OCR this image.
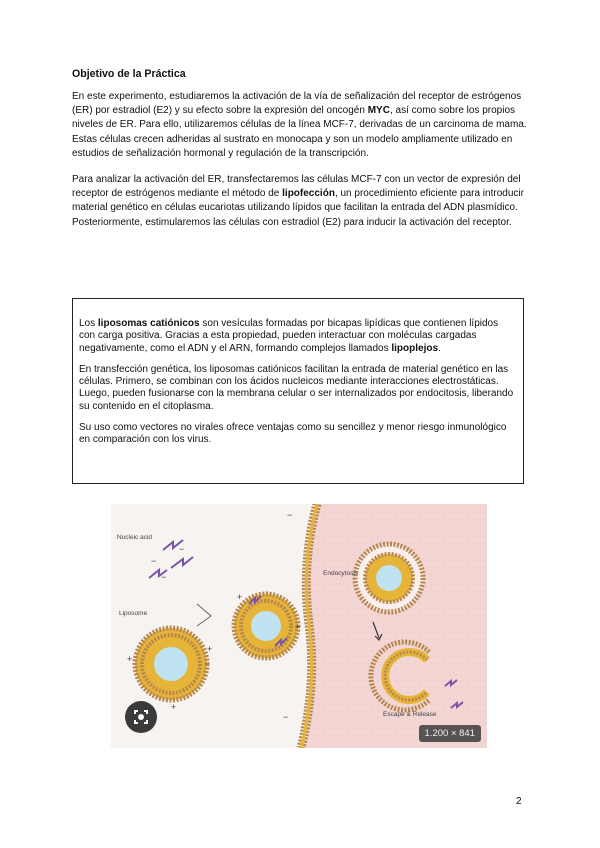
Objetivo de la Práctica

En este experimento, estudiaremos la activación de la vía de señalización del receptor de estrógenos (ER) por estradiol (E2) y su efecto sobre la expresión del oncogén MYC, así como sobre los propios niveles de ER. Para ello, utilizaremos células de la línea MCF-7, derivadas de un carcinoma de mama. Estas células crecen adheridas al sustrato en monocapa y son un modelo ampliamente utilizado en estudios de señalización hormonal y regulación de la transcripción.

Para analizar la activación del ER, transfectaremos las células MCF-7 con un vector de expresión del receptor de estrógenos mediante el método de lipofección, un procedimiento eficiente para introducir material genético en células eucariotas utilizando lípidos que facilitan la entrada del ADN plasmídico. Posteriormente, estimularemos las células con estradiol (E2) para inducir la activación del receptor.

Los liposomas catiónicos son vesículas formadas por bicapas lipídicas que contienen lípidos con carga positiva. Gracias a esta propiedad, pueden interactuar con moléculas cargadas negativamente, como el ADN y el ARN, formando complejos llamados lipoplejos.

En transfección genética, los liposomas catiónicos facilitan la entrada de material genético en las células. Primero, se combinan con los ácidos nucleicos mediante interacciones electrostáticas. Luego, pueden fusionarse con la membrana celular o ser internalizados por endocitosis, liberando su contenido en el citoplasma.

Su uso como vectores no virales ofrece ventajas como su sencillez y menor riesgo inmunológico en comparación con los virus.

Nucleic acid
Liposome
Endocytosis
Escape & Release
−
−
−
−
−
+
+
+
+
+
1.200 × 841
2
